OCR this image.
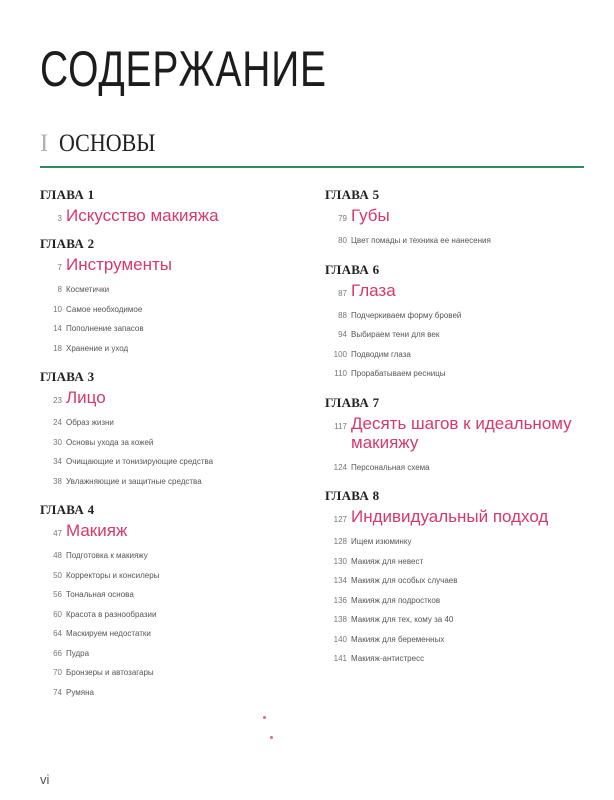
СОДЕРЖАНИЕ
I ОСНОВЫ
ГЛАВА 1
3 Искусство макияжа
ГЛАВА 2
7 Инструменты
8 Косметички
10 Самое необходимое
14 Пополнение запасов
18 Хранение и уход
ГЛАВА 3
23 Лицо
24 Образ жизни
30 Основы ухода за кожей
34 Очищающие и тонизирующие средства
38 Увлажняющие и защитные средства
ГЛАВА 4
47 Макияж
48 Подготовка к макияжу
50 Корректоры и консилеры
56 Тональная основа
60 Красота в разнообразии
64 Маскируем недостатки
66 Пудра
70 Бронзеры и автозагары
74 Румяна
ГЛАВА 5
79 Губы
80 Цвет помады и техника ее нанесения
ГЛАВА 6
87 Глаза
88 Подчеркиваем форму бровей
94 Выбираем тени для век
100 Подводим глаза
110 Прорабатываем ресницы
ГЛАВА 7
117 Десять шагов к идеальному макияжу
124 Персональная схема
ГЛАВА 8
127 Индивидуальный подход
128 Ищем изюминку
130 Макияж для невест
134 Макияж для особых случаев
136 Макияж для подростков
138 Макияж для тех, кому за 40
140 Макияж для беременных
141 Макияж-антистресс
vi
